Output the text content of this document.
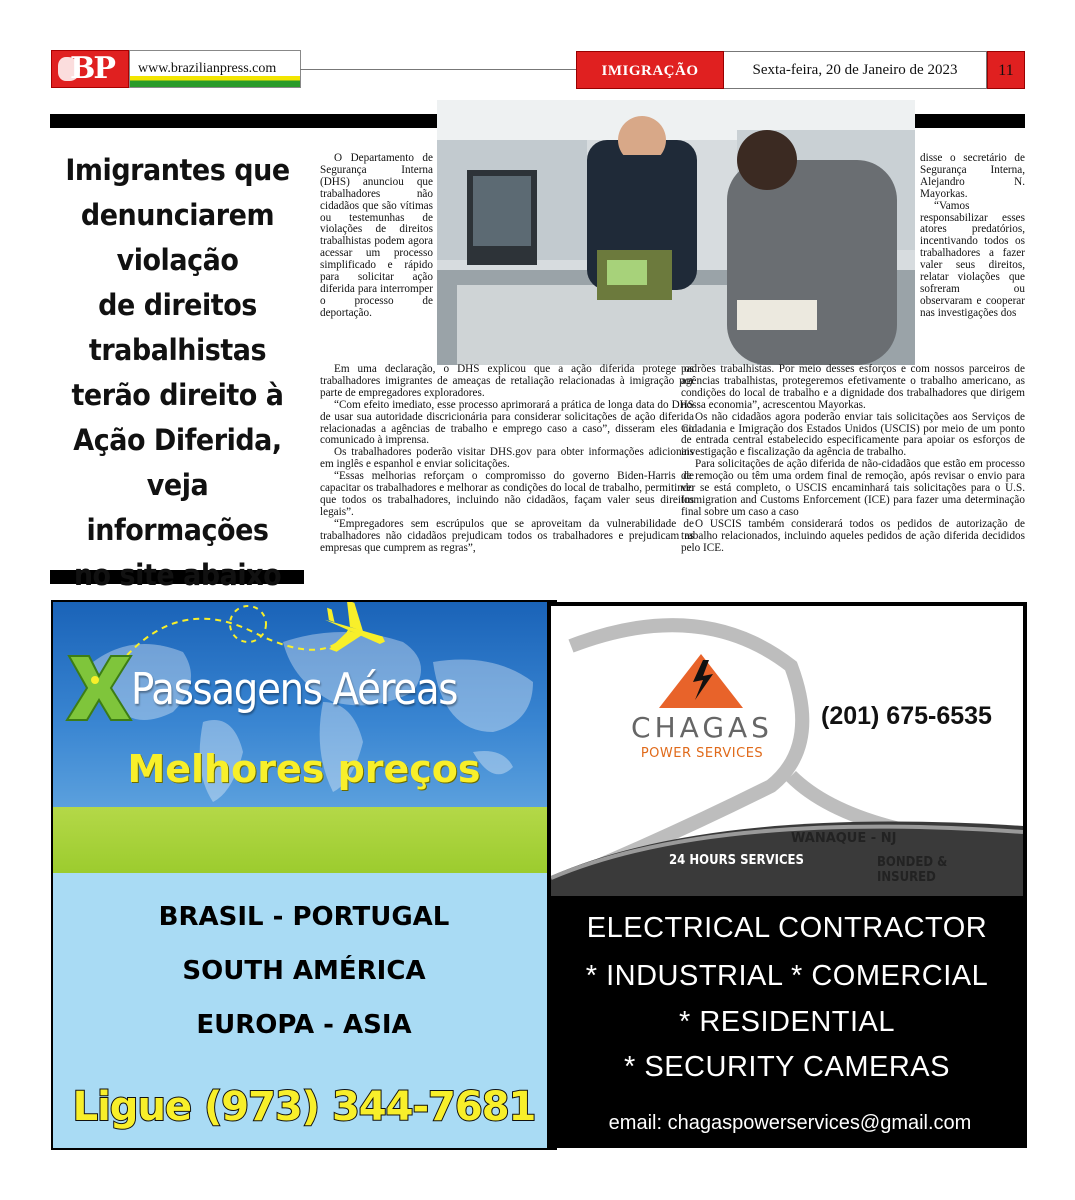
BP www.brazilianpress.com	IMIGRAÇÃO	Sexta-feira, 20 de Janeiro de 2023	11
Imigrantes que
denunciarem
violação
de direitos
trabalhistas
terão direito à
Ação Diferida,
veja informações
no site abaixo

O Departamento de Segurança Interna (DHS) anunciou que trabalhadores não cidadãos que são vítimas ou testemunhas de violações de direitos trabalhistas podem agora acessar um processo simplificado e rápido para solicitar ação diferida para interromper o processo de deportação.

Em uma declaração, o DHS explicou que a ação diferida protege os trabalhadores imigrantes de ameaças de retaliação relacionadas à imigração por parte de empregadores exploradores.

“Com efeito imediato, esse processo aprimorará a prática de longa data do DHS de usar sua autoridade discricionária para considerar solicitações de ação diferida relacionadas a agências de trabalho e emprego caso a caso”, disseram eles no comunicado à imprensa.

Os trabalhadores poderão visitar DHS.gov para obter informações adicionais em inglês e espanhol e enviar solicitações.

“Essas melhorias reforçam o compromisso do governo Biden-Harris de capacitar os trabalhadores e melhorar as condições do local de trabalho, permitindo que todos os trabalhadores, incluindo não cidadãos, façam valer seus direitos legais”.

“Empregadores sem escrúpulos que se aproveitam da vulnerabilidade de trabalhadores não cidadãos prejudicam todos os trabalhadores e prejudicam as empresas que cumprem as regras”,

disse o secretário de Segurança Interna, Alejandro N. Mayorkas.

“Vamos responsabilizar esses atores predatórios, incentivando todos os trabalhadores a fazer valer seus direitos, relatar violações que sofreram ou observaram e cooperar nas investigações dos

padrões trabalhistas. Por meio desses esforços e com nossos parceiros de agências trabalhistas, protegeremos efetivamente o trabalho americano, as condições do local de trabalho e a dignidade dos trabalhadores que dirigem nossa economia”, acrescentou Mayorkas.

Os não cidadãos agora poderão enviar tais solicitações aos Serviços de Cidadania e Imigração dos Estados Unidos (USCIS) por meio de um ponto de entrada central estabelecido especificamente para apoiar os esforços de investigação e fiscalização da agência de trabalho.

Para solicitações de ação diferida de não-cidadãos que estão em processo de remoção ou têm uma ordem final de remoção, após revisar o envio para ver se está completo, o USCIS encaminhará tais solicitações para o U.S. Immigration and Customs Enforcement (ICE) para fazer uma determinação final sobre um caso a caso

O USCIS também considerará todos os pedidos de autorização de trabalho relacionados, incluindo aqueles pedidos de ação diferida decididos pelo ICE.

Passagens Aéreas
Melhores preços
BRASIL - PORTUGAL
SOUTH AMÉRICA
EUROPA - ASIA
Ligue (973) 344-7681
CHAGAS
POWER SERVICES
(201) 675-6535
WANAQUE - NJ
24 HOURS SERVICES	BONDED & INSURED
ELECTRICAL CONTRACTOR
* INDUSTRIAL * COMERCIAL
* RESIDENTIAL
* SECURITY CAMERAS
email: chagaspowerservices@gmail.com
